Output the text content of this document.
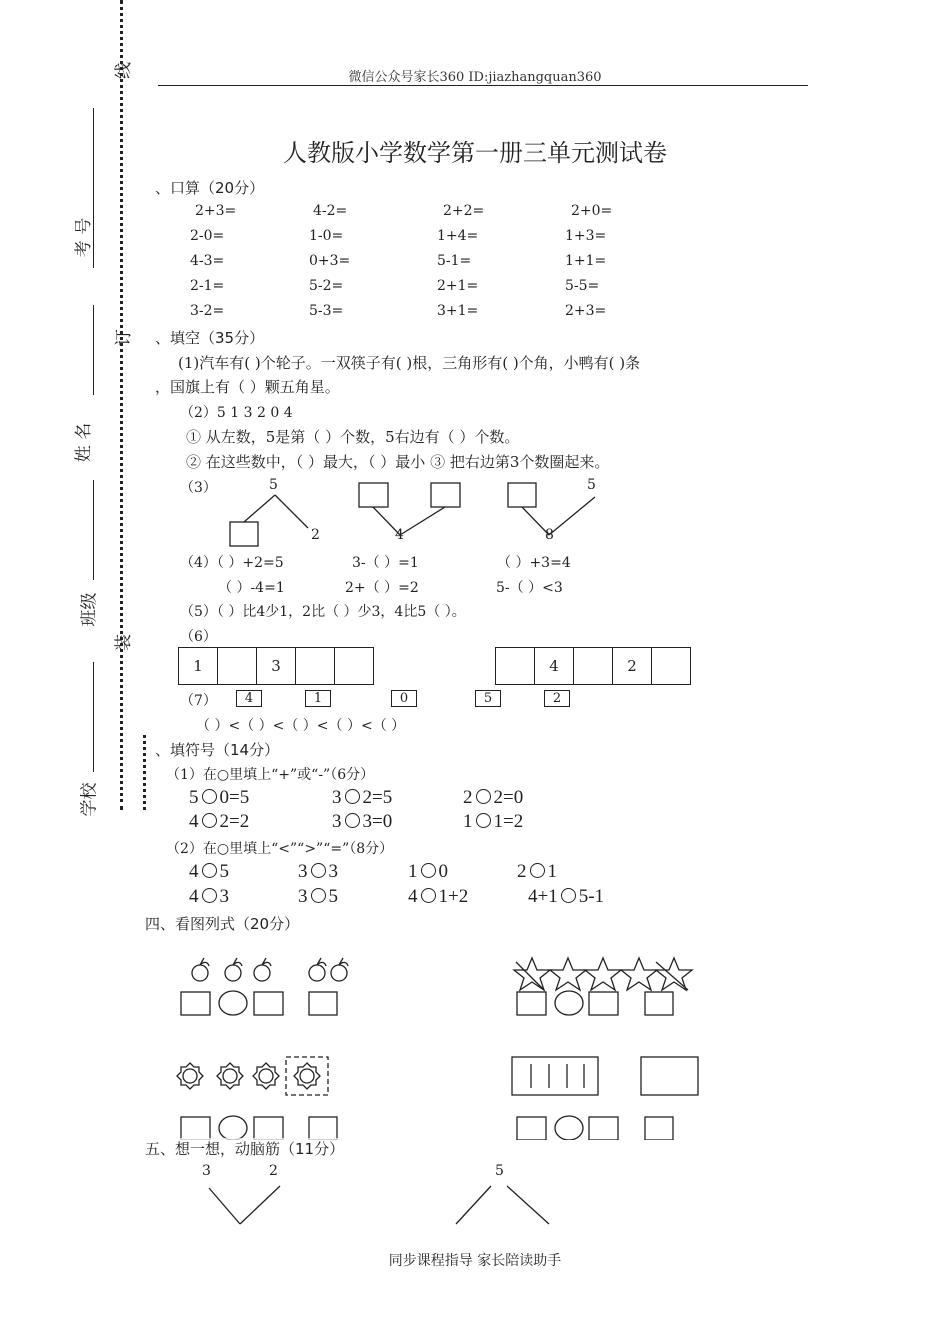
线
订
装
考 号
姓 名
班级
学校
微信公众号家长360 ID:jiazhangquan360
人教版小学数学第一册三单元测试卷
、口算（20分）
2+3=	4-2=	2+2=	2+0=
2-0=	1-0=	1+4=	1+3=
4-3=	0+3=	5-1=	1+1=
2-1=	5-2=	2+1=	5-5=
3-2=	5-3=	3+1=	2+3=
、填空（35分）
(1)汽车有( )个轮子。一双筷子有( )根，三角形有( )个角，小鸭有( )条
，国旗上有（ ）颗五角星。
（2）5 1 3 2 0 4
① 从左数，5是第（ ）个数，5右边有（ ）个数。
② 在这些数中，（ ）最大，（ ）最小 ③ 把右边第3个数圈起来。
（3）	5
2	4	8
5
（4）（ ）+2=5	3-（ ）=1	（ ）+3=4
（ ）-4=1	2+（ ）=2	5-（ ）<3
（5）（ ）比4少1，2比（ ）少3，4比5（ ）。
（6）
1	3	4	2
（7）	4	1	0	5	2
（ ）<（ ）<（ ）<（ ）<（ ）
、填符号（14分）
（1）在○里填上“+”或“-”（6分）
5 0=5	3 2=5	2 2=0
4 2=2	3 3=0	1 1=2
（2）在○里填上“<”“>”“=”（8分）
4 5	3 3	1 0	2 1
4 3	3 5	4 1+2	4+1 5-1
四、看图列式（20分）
五、想一想，动脑筋（11分）
3	2	5
同步课程指导 家长陪读助手
